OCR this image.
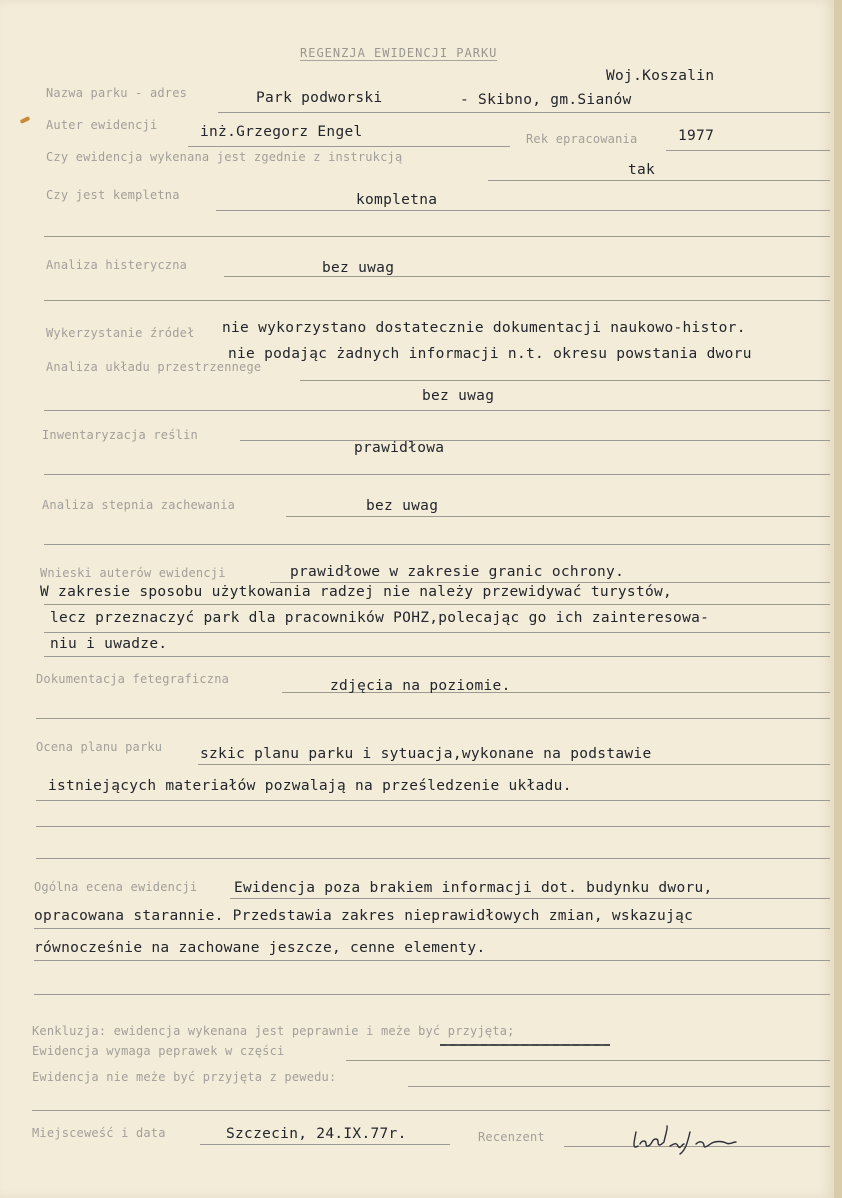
REGENZJA EWIDENCJI PARKU
Woj.Koszalin
Nazwa parku - adres	Park podworski	- Skibno, gm.Sianów
Auter ewidencji	inż.Grzegorz Engel	Rek epracowania	1977
Czy ewidencja wykenana jest zgednie z instrukcją
tak
Czy jest kempletna	kompletna
Analiza histeryczna	bez uwag
Wykerzystanie źródeł nie wykorzystano dostatecznie dokumentacji naukowo-histor.
nie podając żadnych informacji n.t. okresu powstania dworu
Analiza układu przestrzennege
bez uwag
Inwentaryzacja reślin
prawidłowa
Analiza stepnia zachewania	bez uwag
Wnieski auterów ewidencji	prawidłowe w zakresie granic ochrony.
W zakresie sposobu użytkowania radzej nie należy przewidywać turystów,
lecz przeznaczyć park dla pracowników POHZ,polecając go ich zainteresowa-
niu i uwadze.
Dokumentacja fetegraficzna	zdjęcia na poziomie.
Ocena planu parku	szkic planu parku i sytuacja,wykonane na podstawie
istniejących materiałów pozwalają na prześledzenie układu.
Ogólna ecena ewidencji	Ewidencja poza brakiem informacji dot. budynku dworu,
opracowana starannie. Przedstawia zakres nieprawidłowych zmian, wskazując
równocześnie na zachowane jeszcze, cenne elementy.
Kenkluzja: ewidencja wykenana jest peprawnie i meże być przyjęta;
Ewidencja wymaga peprawek w części
Ewidencja nie meże być przyjęta z pewedu:
Miejsceweść i data	Szczecin, 24.IX.77r.	Recenzent
